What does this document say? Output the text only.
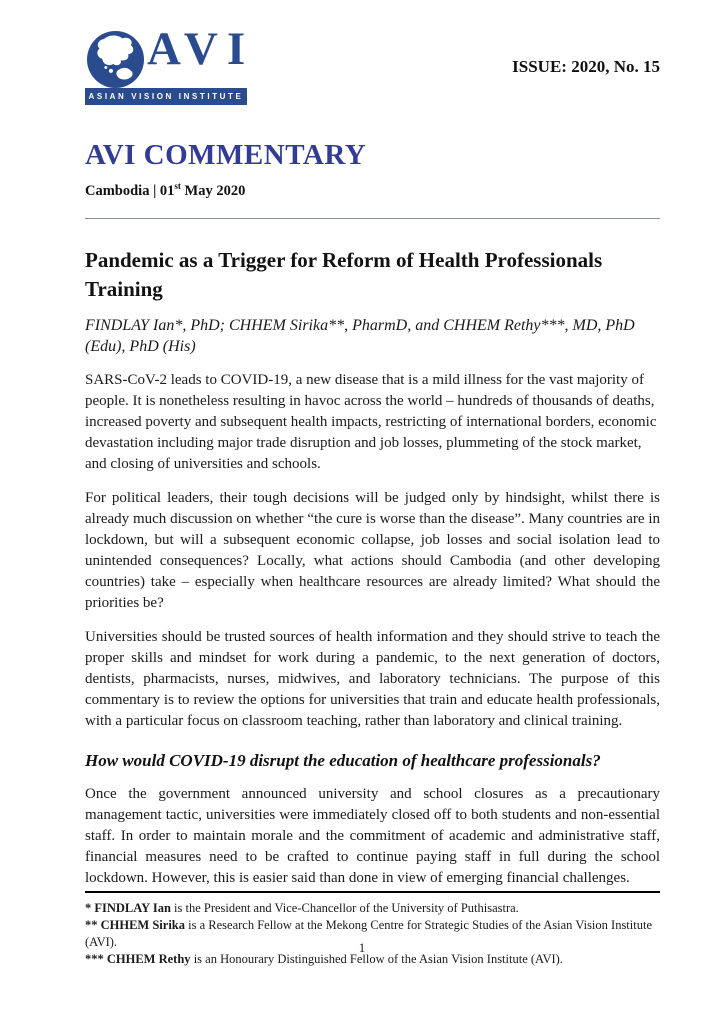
AVI
ASIAN VISION INSTITUTE
ISSUE: 2020, No. 15
AVI COMMENTARY
Cambodia | 01st May 2020
Pandemic as a Trigger for Reform of Health Professionals Training

FINDLAY Ian*, PhD; CHHEM Sirika**, PharmD, and CHHEM Rethy***, MD, PhD (Edu), PhD (His)

SARS-CoV-2 leads to COVID-19, a new disease that is a mild illness for the vast majority of people. It is nonetheless resulting in havoc across the world – hundreds of thousands of deaths, increased poverty and subsequent health impacts, restricting of international borders, economic devastation including major trade disruption and job losses, plummeting of the stock market, and closing of universities and schools.

For political leaders, their tough decisions will be judged only by hindsight, whilst there is already much discussion on whether “the cure is worse than the disease”. Many countries are in lockdown, but will a subsequent economic collapse, job losses and social isolation lead to unintended consequences? Locally, what actions should Cambodia (and other developing countries) take – especially when healthcare resources are already limited? What should the priorities be?

Universities should be trusted sources of health information and they should strive to teach the proper skills and mindset for work during a pandemic, to the next generation of doctors, dentists, pharmacists, nurses, midwives, and laboratory technicians. The purpose of this commentary is to review the options for universities that train and educate health professionals, with a particular focus on classroom teaching, rather than laboratory and clinical training.

How would COVID-19 disrupt the education of healthcare professionals?

Once the government announced university and school closures as a precautionary management tactic, universities were immediately closed off to both students and non-essential staff. In order to maintain morale and the commitment of academic and administrative staff, financial measures need to be crafted to continue paying staff in full during the school lockdown. However, this is easier said than done in view of emerging financial challenges.

* FINDLAY Ian is the President and Vice-Chancellor of the University of Puthisastra.

** CHHEM Sirika is a Research Fellow at the Mekong Centre for Strategic Studies of the Asian Vision Institute (AVI).

*** CHHEM Rethy is an Honourary Distinguished Fellow of the Asian Vision Institute (AVI).

1
